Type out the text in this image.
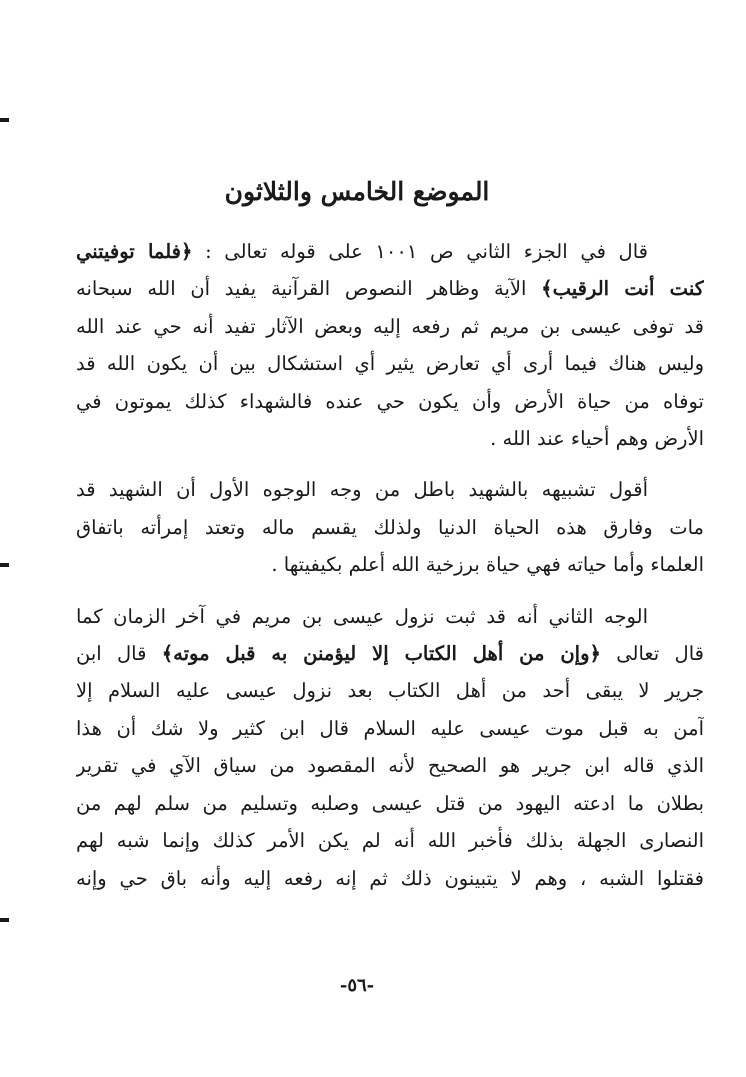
الموضع الخامس والثلاثون

قال في الجزء الثاني ص ١٠٠١ على قوله تعالى : ﴿فلما توفيتني
كنت أنت الرقيب﴾ الآية وظاهر النصوص القرآنية يفيد أن الله سبحانه
قد توفى عيسى بن مريم ثم رفعه إليه وبعض الآثار تفيد أنه حي عند الله
وليس هناك فيما أرى أي تعارض يثير أي استشكال بين أن يكون الله قد
توفاه من حياة الأرض وأن يكون حي عنده فالشهداء كذلك يموتون في
الأرض وهم أحياء عند الله .

أقول تشبيهه بالشهيد باطل من وجه الوجوه الأول أن الشهيد قد
مات وفارق هذه الحياة الدنيا ولذلك يقسم ماله وتعتد إمرأته باتفاق
العلماء وأما حياته فهي حياة برزخية الله أعلم بكيفيتها .

الوجه الثاني أنه قد ثبت نزول عيسى بن مريم في آخر الزمان كما
قال تعالى ﴿وإن من أهل الكتاب إلا ليؤمنن به قبل موته﴾ قال ابن
جرير لا يبقى أحد من أهل الكتاب بعد نزول عيسى عليه السلام إلا
آمن به قبل موت عيسى عليه السلام قال ابن كثير ولا شك أن هذا
الذي قاله ابن جرير هو الصحيح لأنه المقصود من سياق الآي في تقرير
بطلان ما ادعته اليهود من قتل عيسى وصلبه وتسليم من سلم لهم من
النصارى الجهلة بذلك فأخبر الله أنه لم يكن الأمر كذلك وإنما شبه لهم
فقتلوا الشبه ، وهم لا يتبينون ذلك ثم إنه رفعه إليه وأنه باق حي وإنه

-٥٦-
